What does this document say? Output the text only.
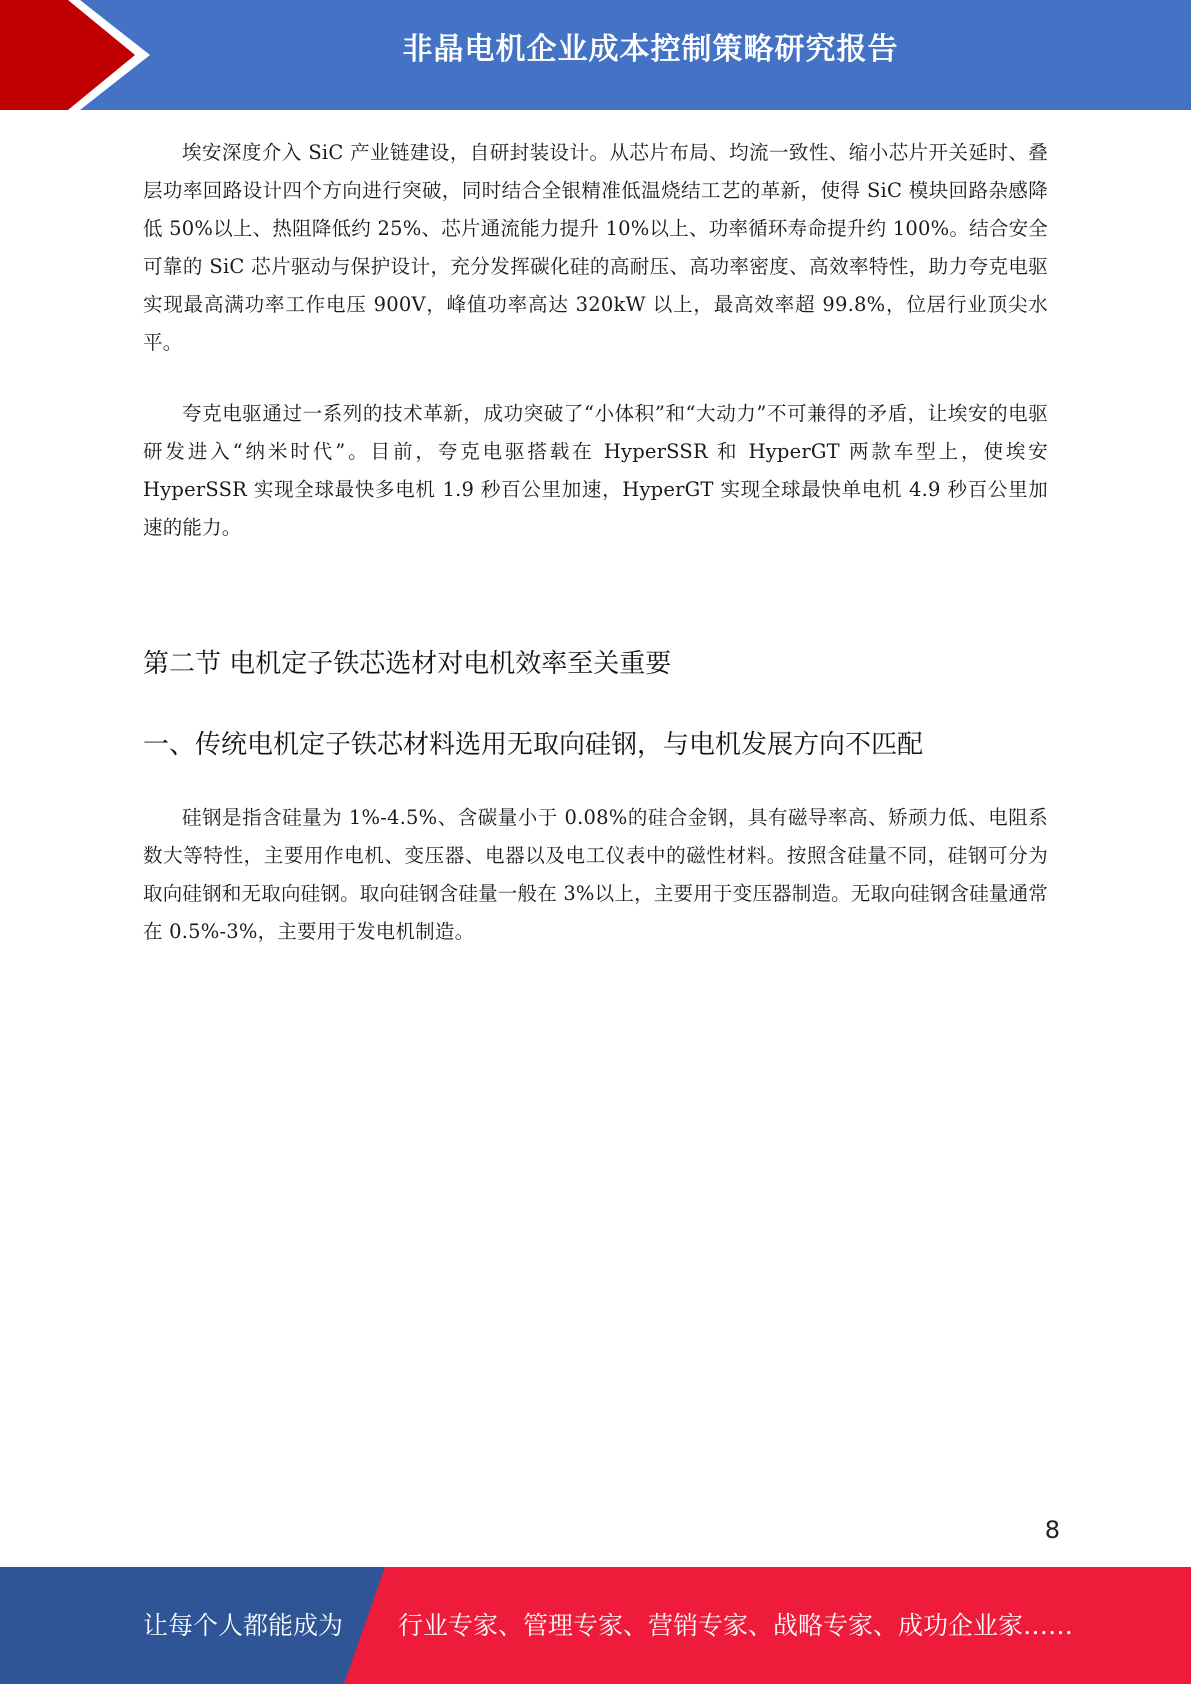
非晶电机企业成本控制策略研究报告

埃安深度介入 SiC 产业链建设，自研封装设计。从芯片布局、均流一致性、缩小芯片开关延时、叠层功率回路设计四个方向进行突破，同时结合全银精准低温烧结工艺的革新，使得 SiC 模块回路杂感降低 50%以上、热阻降低约 25%、芯片通流能力提升 10%以上、功率循环寿命提升约 100%。结合安全可靠的 SiC 芯片驱动与保护设计，充分发挥碳化硅的高耐压、高功率密度、高效率特性，助力夸克电驱实现最高满功率工作电压 900V，峰值功率高达 320kW 以上，最高效率超 99.8%，位居行业顶尖水平。

夸克电驱通过一系列的技术革新，成功突破了“小体积”和“大动力”不可兼得的矛盾，让埃安的电驱研发进入“纳米时代”。目前，夸克电驱搭载在 HyperSSR 和 HyperGT 两款车型上，使埃安 HyperSSR 实现全球最快多电机 1.9 秒百公里加速，HyperGT 实现全球最快单电机 4.9 秒百公里加速的能力。

第二节 电机定子铁芯选材对电机效率至关重要
一、传统电机定子铁芯材料选用无取向硅钢，与电机发展方向不匹配

硅钢是指含硅量为 1%-4.5%、含碳量小于 0.08%的硅合金钢，具有磁导率高、矫顽力低、电阻系数大等特性，主要用作电机、变压器、电器以及电工仪表中的磁性材料。按照含硅量不同，硅钢可分为取向硅钢和无取向硅钢。取向硅钢含硅量一般在 3%以上，主要用于变压器制造。无取向硅钢含硅量通常在 0.5%-3%，主要用于发电机制造。

8
让每个人都能成为 行业专家、管理专家、营销专家、战略专家、成功企业家……
